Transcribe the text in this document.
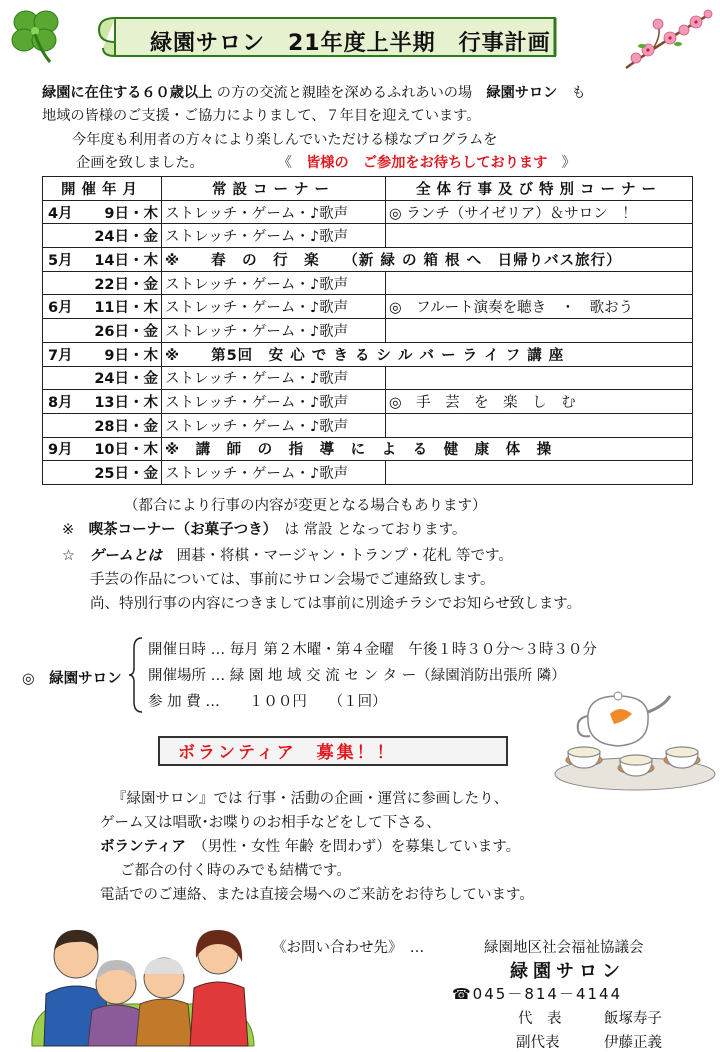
緑園サロン　21年度上半期　行事計画
緑園に在住する６０歳以上 の方の交流と親睦を深めるふれあいの場　 緑園サロン　 も
地域の皆様のご支援・ご協力によりまして、７年目を迎えています。
今年度も利用者の方々により楽しんでいただける様なプログラムを
企画を致しました。	《　皆様の　ご参加をお待ちしております　》
開催年月	常設コーナー	全体行事及び特別コーナー

4月 9日・木	ストレッチ・ゲーム・♪歌声	◎ ランチ（サイゼリア）＆サロン　！
24日・金	ストレッチ・ゲーム・♪歌声	

5月 14日・木	※　　春　の　行　楽　　（新 緑 の 箱 根 へ　日帰りバス旅行）	
22日・金	ストレッチ・ゲーム・♪歌声	

6月 11日・木	ストレッチ・ゲーム・♪歌声	◎　フルート演奏を聴き　・　歌おう
26日・金	ストレッチ・ゲーム・♪歌声	

7月 9日・木	※　　第5回　安 心 で き る シ ル バ ー ラ イ フ 講 座	
24日・金	ストレッチ・ゲーム・♪歌声	

8月 13日・木	ストレッチ・ゲーム・♪歌声	◎　手　芸　を　楽　し　む
28日・金	ストレッチ・ゲーム・♪歌声	

9月 10日・木	※　講　師　の　指　導　に　よ　る　健　康　体　操	
25日・金	ストレッチ・ゲーム・♪歌声	
（都合により行事の内容が変更となる場合もあります）
※　 喫茶コーナー（お菓子つき）　 は 常設 となっております。
☆　 ゲームとは　 囲碁・将棋・マージャン・トランプ・花札 等です。
手芸の作品については、事前にサロン会場でご連絡致します。
尚、特別行事の内容につきましては事前に別途チラシでお知らせ致します。
◎　緑園サロン
開催日時 … 毎月 第２木曜・第４金曜　午後１時３０分～３時３０分
開催場所 … 緑 園 地 域 交 流 セ ン タ ー（緑園消防出張所 隣）
参 加 費 …　　１００円　　（１回）
ボランティア　募集！！
『緑園サロン』では 行事・活動の企画・運営に参画したり、
ゲーム又は唱歌･お喋りのお相手などをして下さる、
ボランティア　 （男性・女性 年齢 を問わず）を募集しています。
ご都合の付く時のみでも結構です。
電話でのご連絡、または直接会場へのご来訪をお待ちしています。
《お問い合わせ先》　…	緑園地区社会福祉協議会
緑園サロン
☎045－814－4144
代　表	飯塚寿子
副代表	伊藤正義
